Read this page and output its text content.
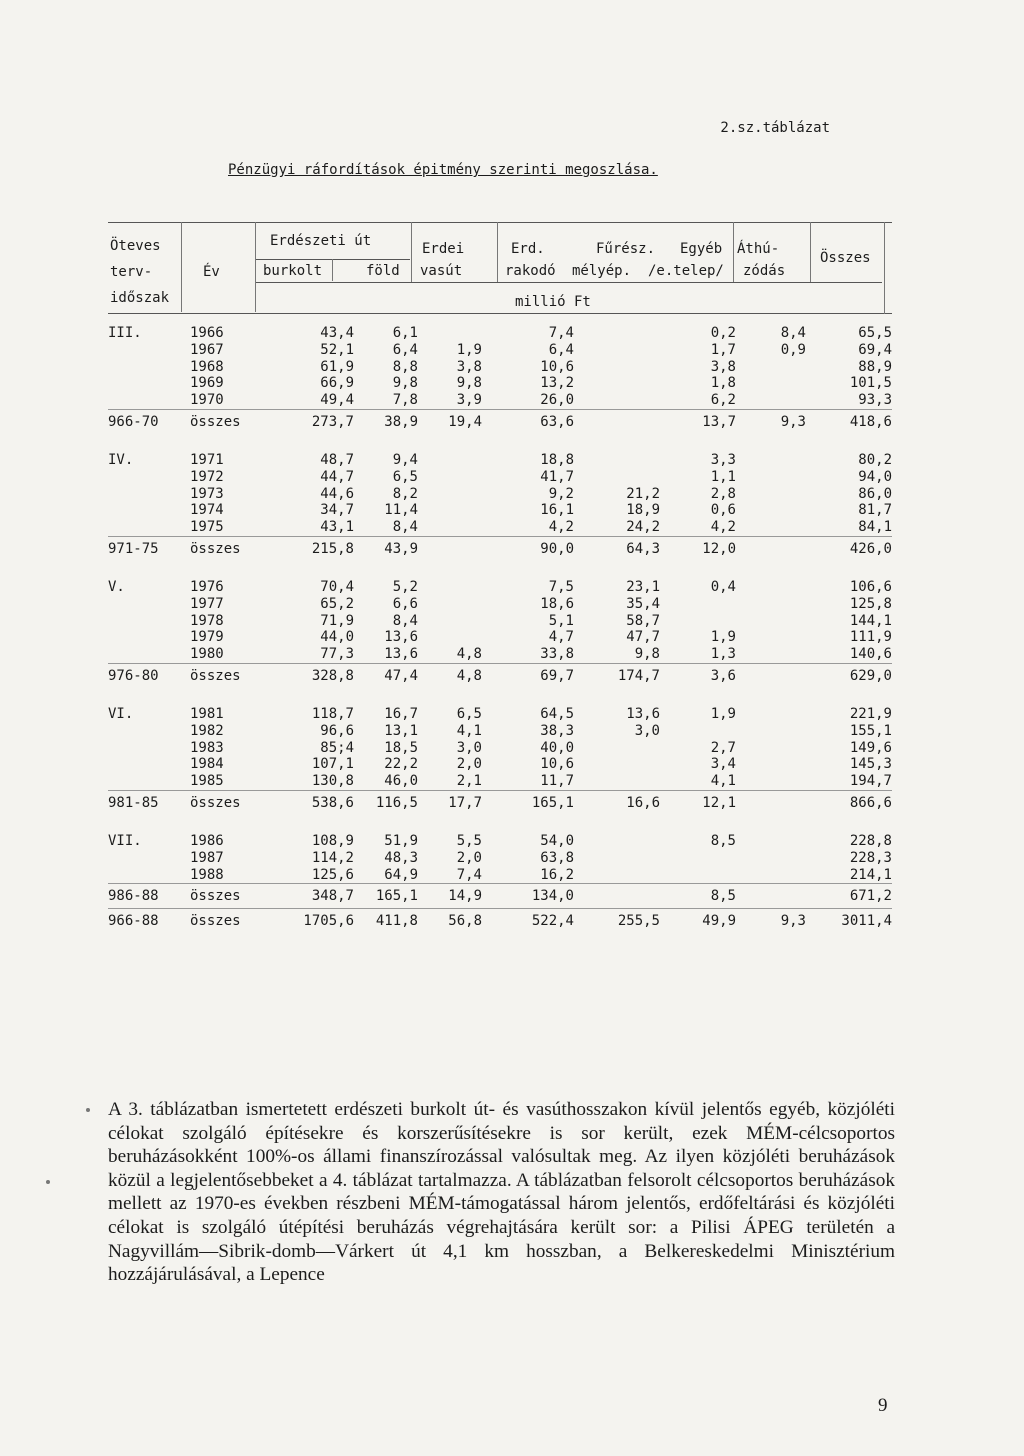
2.sz.táblázat
Pénzügyi ráfordítások épitmény szerinti megoszlása.
Öteves
terv-
időszak
Év
Erdészeti út
burkolt	föld
Erdei
vasút
Erd.
rakodó
Fűrész.
mélyép.
Egyéb
/e.telep/
Áthú-
zódás
Összes
millió Ft
III.	1966	43,4	6,1		7,4		0,2	8,4	65,5
	1967	52,1	6,4	1,9	6,4		1,7	0,9	69,4
	1968	61,9	8,8	3,8	10,6		3,8		88,9
	1969	66,9	9,8	9,8	13,2		1,8		101,5
	1970	49,4	7,8	3,9	26,0		6,2		93,3
966-70	összes	273,7	38,9	19,4	63,6		13,7	9,3	418,6

IV.	1971	48,7	9,4		18,8		3,3		80,2
	1972	44,7	6,5		41,7		1,1		94,0
	1973	44,6	8,2		9,2	21,2	2,8		86,0
	1974	34,7	11,4		16,1	18,9	0,6		81,7
	1975	43,1	8,4		4,2	24,2	4,2		84,1
971-75	összes	215,8	43,9		90,0	64,3	12,0		426,0

V.	1976	70,4	5,2		7,5	23,1	0,4		106,6
	1977	65,2	6,6		18,6	35,4			125,8
	1978	71,9	8,4		5,1	58,7			144,1
	1979	44,0	13,6		4,7	47,7	1,9		111,9
	1980	77,3	13,6	4,8	33,8	9,8	1,3		140,6
976-80	összes	328,8	47,4	4,8	69,7	174,7	3,6		629,0

VI.	1981	118,7	16,7	6,5	64,5	13,6	1,9		221,9
	1982	96,6	13,1	4,1	38,3	3,0			155,1
	1983	85;4	18,5	3,0	40,0		2,7		149,6
	1984	107,1	22,2	2,0	10,6		3,4		145,3
	1985	130,8	46,0	2,1	11,7		4,1		194,7
981-85	összes	538,6	116,5	17,7	165,1	16,6	12,1		866,6

VII.	1986	108,9	51,9	5,5	54,0		8,5		228,8
	1987	114,2	48,3	2,0	63,8				228,3
	1988	125,6	64,9	7,4	16,2				214,1
986-88	összes	348,7	165,1	14,9	134,0		8,5		671,2
966-88	összes	1705,6	411,8	56,8	522,4	255,5	49,9	9,3	3011,4

A 3. táblázatban ismertetett erdészeti burkolt út- és vasúthosszakon kívül jelentős egyéb, közjóléti célokat szolgáló építésekre és korszerűsítésekre is sor került, ezek MÉM-célcsoportos beruházásokként 100%-os állami finanszírozással valósultak meg. Az ilyen közjóléti beruházások közül a legjelentősebbeket a 4. táblázat tartalmazza. A táblázatban felsorolt célcsoportos beruházások mellett az 1970-es években részbeni MÉM-támogatással három jelentős, erdőfeltárási és közjóléti célokat is szolgáló útépítési beruházás végrehajtására került sor: a Pilisi ÁPEG területén a Nagyvillám—Sibrik-domb—Várkert út 4,1 km hosszban, a Belkereskedelmi Minisztérium hozzájárulásával, a Lepence

9
